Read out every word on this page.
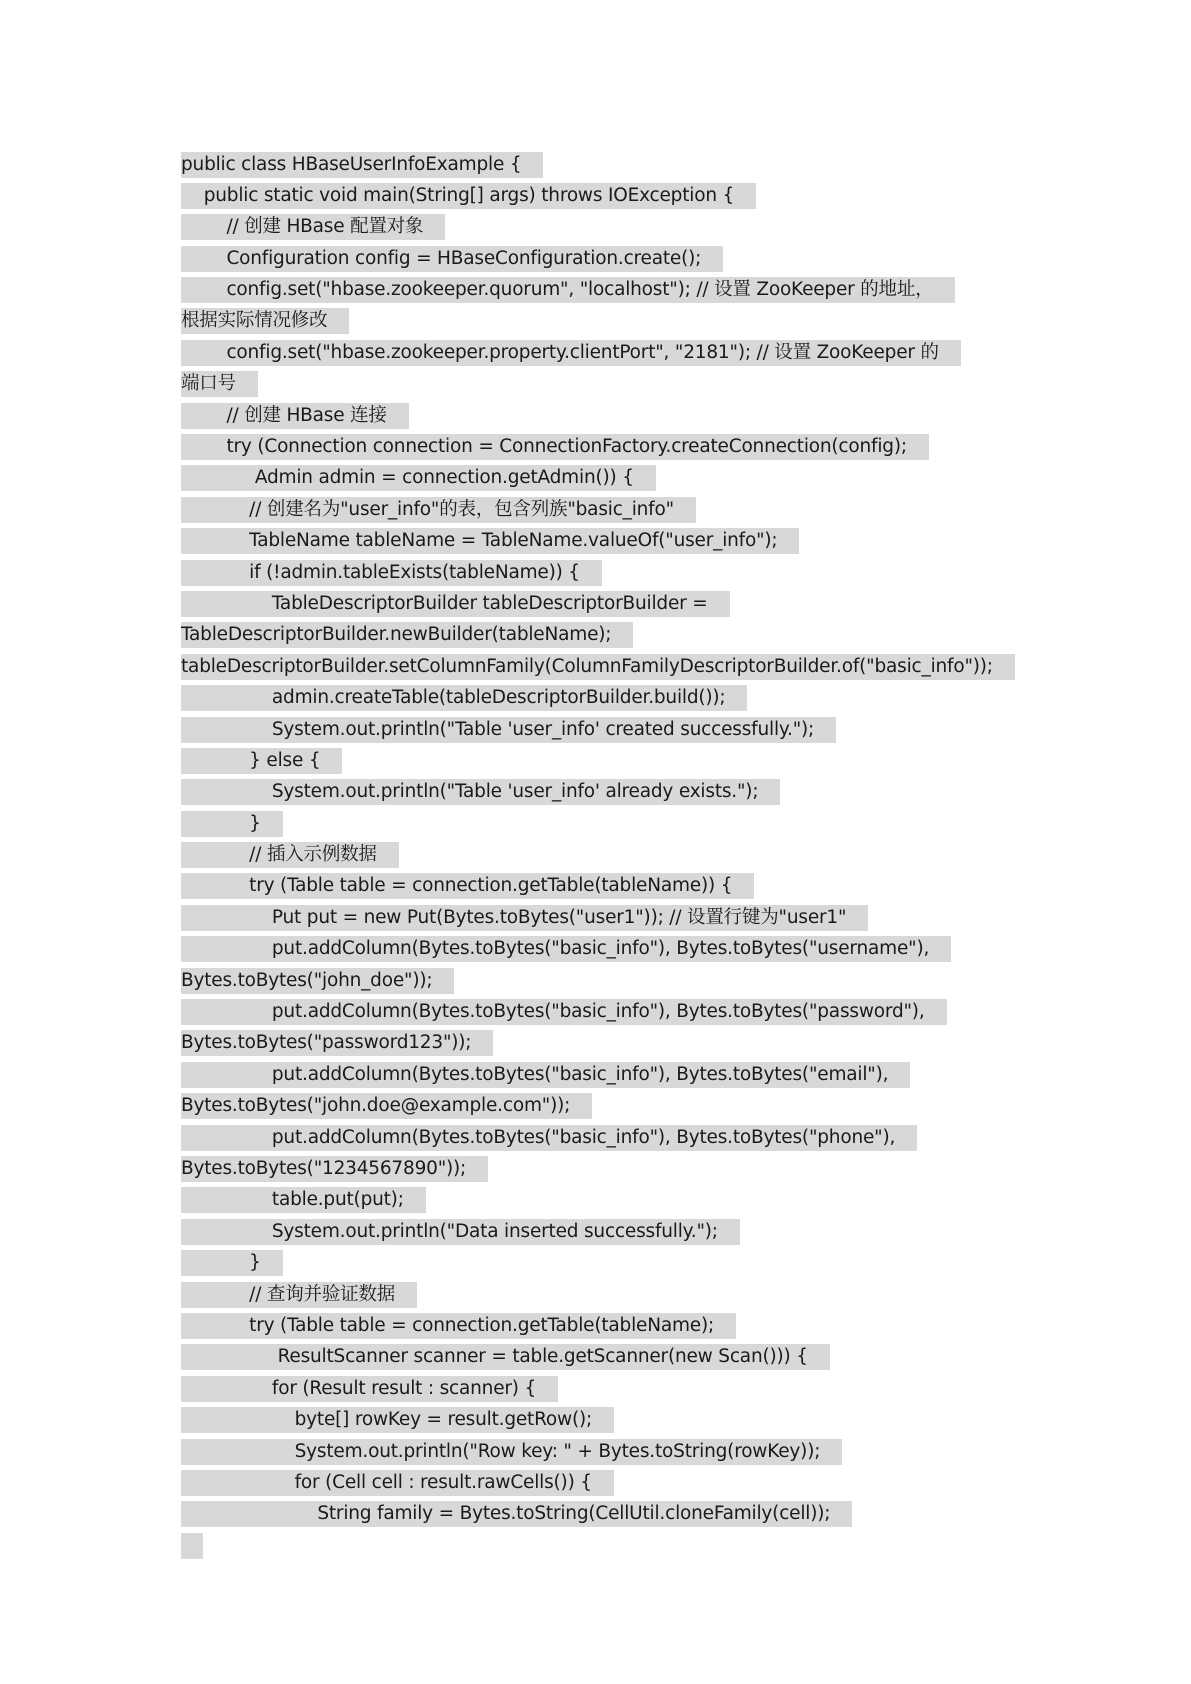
public class HBaseUserInfoExample {
public static void main(String[] args) throws IOException {
// 创建 HBase 配置对象
Configuration config = HBaseConfiguration.create();
config.set("hbase.zookeeper.quorum", "localhost"); // 设置 ZooKeeper 的地址，
根据实际情况修改
config.set("hbase.zookeeper.property.clientPort", "2181"); // 设置 ZooKeeper 的
端口号
// 创建 HBase 连接
try (Connection connection = ConnectionFactory.createConnection(config);
Admin admin = connection.getAdmin()) {
// 创建名为"user_info"的表，包含列族"basic_info"
TableName tableName = TableName.valueOf("user_info");
if (!admin.tableExists(tableName)) {
TableDescriptorBuilder tableDescriptorBuilder =
TableDescriptorBuilder.newBuilder(tableName);
tableDescriptorBuilder.setColumnFamily(ColumnFamilyDescriptorBuilder.of("basic_info"));
admin.createTable(tableDescriptorBuilder.build());
System.out.println("Table 'user_info' created successfully.");
} else {
System.out.println("Table 'user_info' already exists.");
}
// 插入示例数据
try (Table table = connection.getTable(tableName)) {
Put put = new Put(Bytes.toBytes("user1")); // 设置行键为"user1"
put.addColumn(Bytes.toBytes("basic_info"), Bytes.toBytes("username"),
Bytes.toBytes("john_doe"));
put.addColumn(Bytes.toBytes("basic_info"), Bytes.toBytes("password"),
Bytes.toBytes("password123"));
put.addColumn(Bytes.toBytes("basic_info"), Bytes.toBytes("email"),
Bytes.toBytes("john.doe@example.com"));
put.addColumn(Bytes.toBytes("basic_info"), Bytes.toBytes("phone"),
Bytes.toBytes("1234567890"));
table.put(put);
System.out.println("Data inserted successfully.");
}
// 查询并验证数据
try (Table table = connection.getTable(tableName);
ResultScanner scanner = table.getScanner(new Scan())) {
for (Result result : scanner) {
byte[] rowKey = result.getRow();
System.out.println("Row key: " + Bytes.toString(rowKey));
for (Cell cell : result.rawCells()) {
String family = Bytes.toString(CellUtil.cloneFamily(cell));
